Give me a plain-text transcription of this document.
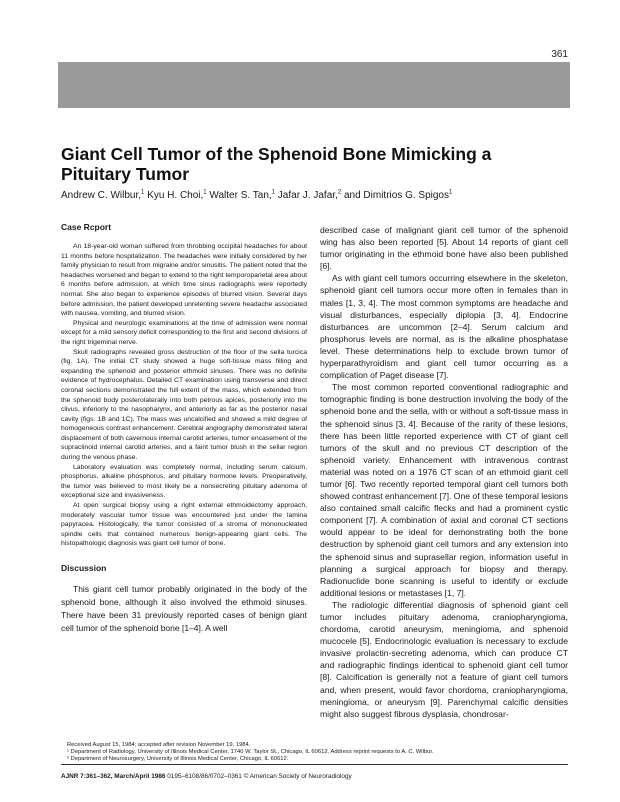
361
Giant Cell Tumor of the Sphenoid Bone Mimicking a Pituitary Tumor

Andrew C. Wilbur,$^1$ Kyu H. Choi,$^1$ Walter S. Tan,$^1$ Jafar J. Jafar,$^2$ and Dimitrios G. Spigos$^1$

Case Rcport

An 18-year-old woman suffered from throbbing occipital headaches for about 11 months before hospitalization. The headaches were initially considered by her family physician to result from migraine and/or sinusitis. The patient noted that the headaches worsened and began to extend to the right temporoparietal area about 6 months before admission, at which time sinus radiographs were reportedly normal. She also began to experience episodes of blurred vision. Several days before admission, the patient developed unrelenting severe headache associated with nausea, vomiting, and blurred vision.

Physical and neurologic examinations at the time of admission were normal except for a mild sensory deficit corresponding to the first and second divisions of the right trigeminal nerve.

Skull radiographs revealed gross destruction of the floor of the sella turcica (fig. 1A). The initial CT study showed a huge soft-tissue mass filling and expanding the sphenoid and posterior ethmoid sinuses. There was no definite evidence of hydrocephalus. Detailed CT examination using transverse and direct coronal sections demonstrated the full extent of the mass, which extended from the sphenoid body posterolaterally into both petrous apices, posteriorly into the clivus, inferiorly to the nasopharynx, and anteriorly as far as the posterior nasal cavity (figs. 1B and 1C). The mass was uncalcified and showed a mild degree of homogeneous contrast enhancement. Cerebral angiography demonstrated lateral displacement of both cavernous internal carotid arteries, tumor encasement of the supraclinoid internal carotid arteries, and a faint tumor blush in the sellar region during the venous phase.

Laboratory evaluation was completely normal, including serum calcium, phosphorus, alkaline phosphorus, and pituitary hormone levels. Preoperatively, the tumor was believed to most likely be a nonsecreting pituitary adenoma of exceptional size and invasiveness.

At open surgical biopsy using a right external ethmoidectomy approach, moderately vascular tumor tissue was encountered just under the lamina papyracea. Histologically, the tumor consisted of a stroma of mononucleated spindle cells that contained numerous benign-appearing giant cells. The histopathologic diagnosis was giant cell tumor of bone.

Discussion

This giant cell tumor probably originated in the body of the sphenoid bone, although it also involved the ethmoid sinuses. There have been 31 previously reported cases of benign giant cell tumor of the sphenoid bone [1–4]. A well

described case of malignant giant cell tumor of the sphenoid wing has also been reported [5]. About 14 reports of giant cell tumor originating in the ethmoid bone have also been published [6].

As with giant cell tumors occurring elsewhere in the skeleton, sphenoid giant cell tumors occur more often in females than in males [1, 3, 4]. The most common symptoms are headache and visual disturbances, especially diplopia [3, 4]. Endocrine disturbances are uncommon [2–4]. Serum calcium and phosphorus levels are normal, as is the alkaline phosphatase level. These determinations help to exclude brown tumor of hyperparathyroidism and giant cell tumor occurring as a complication of Paget disease [7].

The most common reported conventional radiographic and tomographic finding is bone destruction involving the body of the sphenoid bone and the sella, with or without a soft-tissue mass in the sphenoid sinus [3, 4]. Because of the rarity of these lesions, there has been little reported experience with CT of giant cell tumors of the skull and no previous CT description of the sphenoid variety. Enhancement with intravenous contrast material was noted on a 1976 CT scan of an ethmoid giant cell tumor [6]. Two recently reported temporal giant cell tumors both showed contrast enhancement [7]. One of these temporal lesions also contained small calcific flecks and had a prominent cystic component [7]. A combination of axial and coronal CT sections would appear to be ideal for demonstrating both the bone destruction by sphenoid giant cell tumors and any extension into the sphenoid sinus and suprasellar region, information useful in planning a surgical approach for biopsy and therapy. Radionuclide bone scanning is useful to identify or exclude additional lesions or metastases [1, 7].

The radiologic differential diagnosis of sphenoid giant cell tumor includes pituitary adenoma, craniopharyngioma, chordoma, carotid aneurysm, meningioma, and sphenoid mucocele [5]. Endocrinologic evaluation is necessary to exclude invasive prolactin-secreting adenoma, which can produce CT and radiographic findings identical to sphenoid giant cell tumor [8]. Calcification is generally not a feature of giant cell tumors and, when present, would favor chordoma, craniopharyngioma, meningioma, or aneurysm [9]. Parenchymal calcific densities might also suggest fibrous dysplasia, chondrosar-

Received August 15, 1984; accepted after revision November 19, 1984.
¹ Department of Radiology, University of Illinois Medical Center, 1740 W. Taylor St., Chicago, IL 60612. Address reprint requests to A. C. Wilbur.
² Department of Neurosurgery, University of Illinois Medical Center, Chicago, IL 60612.
AJNR 7:361–362, March/April 1986 0195–6108/86/0702–0361 © American Society of Neuroradiology
